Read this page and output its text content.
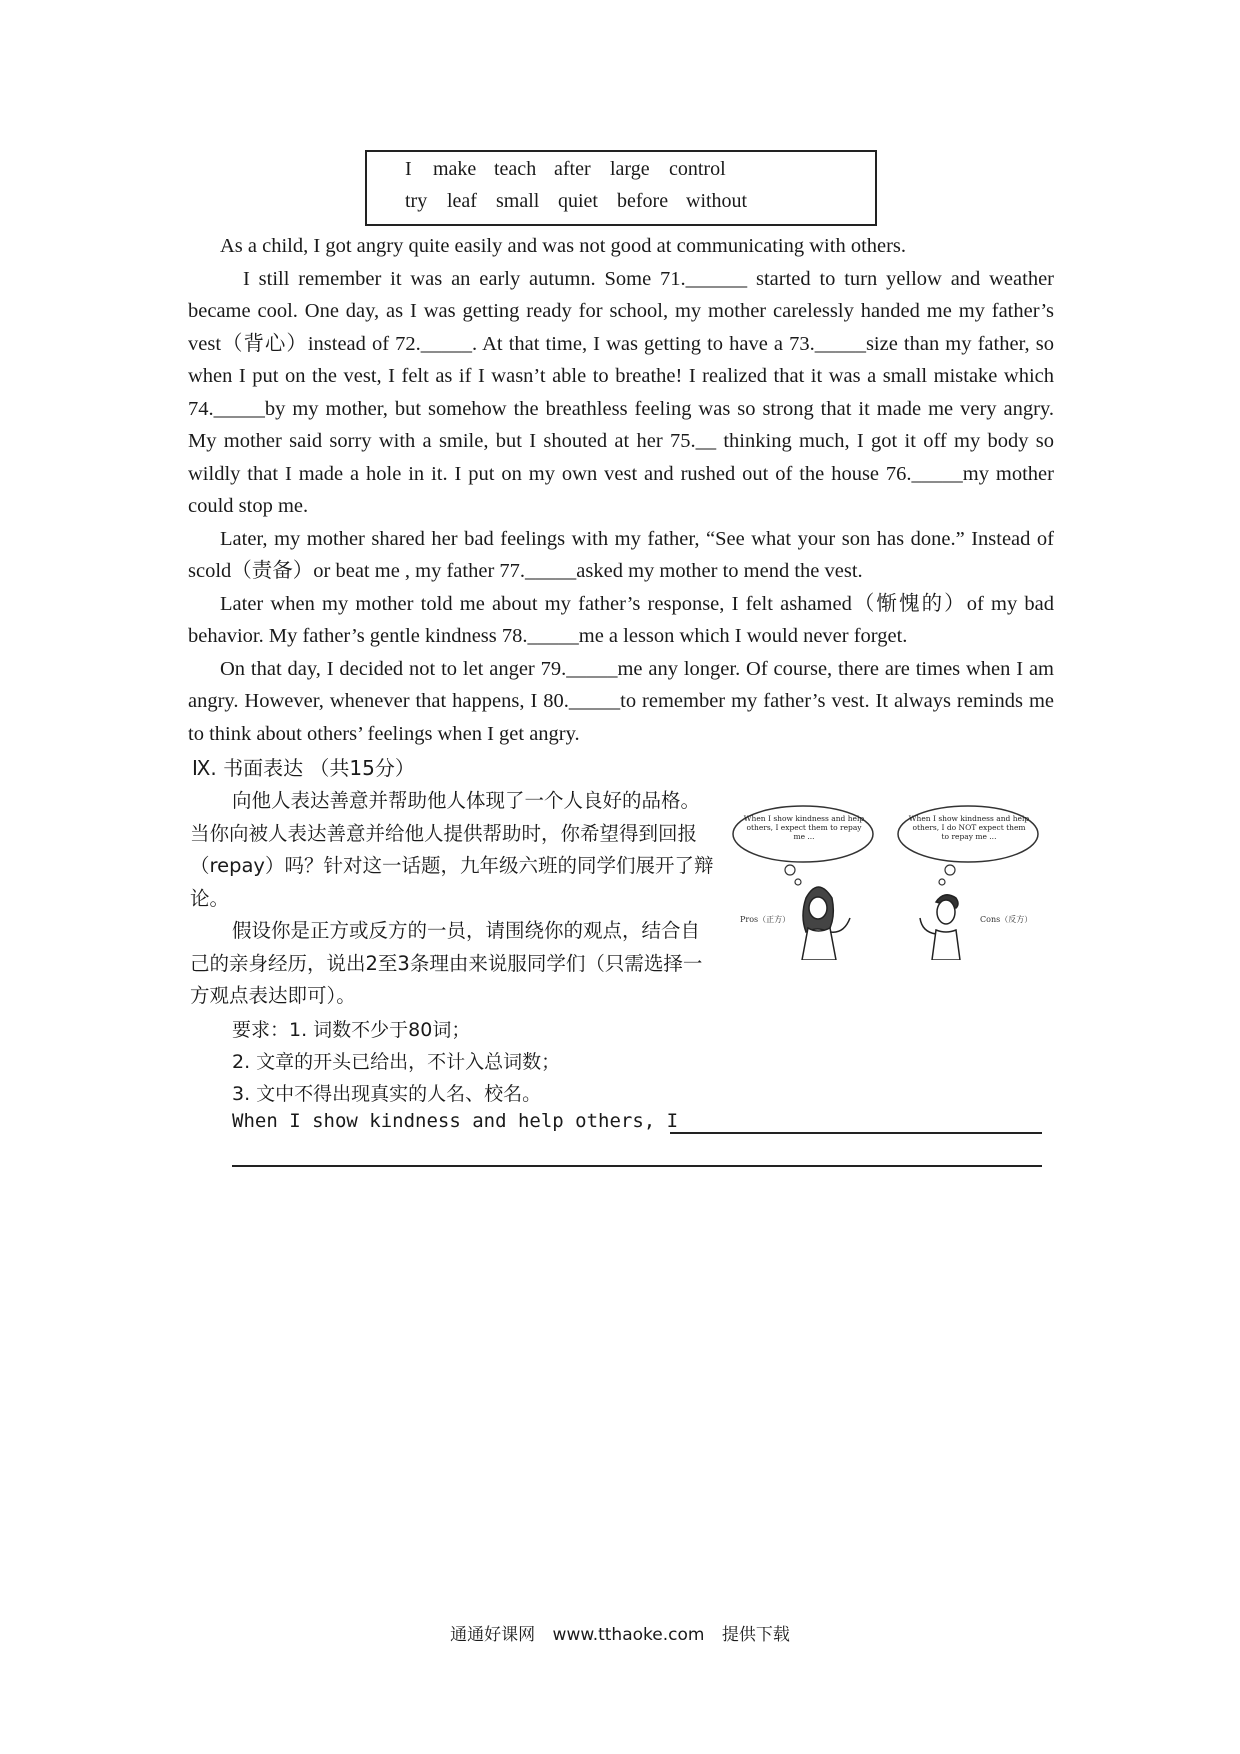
I make teach after large control
try leaf small quiet before without

As a child, I got angry quite easily and was not good at communicating with others.

I still remember it was an early autumn. Some 71.______ started to turn yellow and weather became cool. One day, as I was getting ready for school, my mother carelessly handed me my father’s vest（背心）instead of 72._____. At that time, I was getting to have a 73._____size than my father, so when I put on the vest, I felt as if I wasn’t able to breathe! I realized that it was a small mistake which 74._____by my mother, but somehow the breathless feeling was so strong that it made me very angry. My mother said sorry with a smile, but I shouted at her 75.__ thinking much, I got it off my body so wildly that I made a hole in it. I put on my own vest and rushed out of the house 76._____my mother could stop me.

Later, my mother shared her bad feelings with my father, “See what your son has done.” Instead of scold（责备）or beat me , my father 77._____asked my mother to mend the vest.

Later when my mother told me about my father’s response, I felt ashamed（惭愧的）of my bad behavior. My father’s gentle kindness 78._____me a lesson which I would never forget.

On that day, I decided not to let anger 79._____me any longer. Of course, there are times when I am angry. However, whenever that happens, I 80._____to remember my father’s vest. It always reminds me to think about others’ feelings when I get angry.

Ⅸ. 书面表达 （共15分）

向他人表达善意并帮助他人体现了一个人良好的品格。当你向被人表达善意并给他人提供帮助时，你希望得到回报（repay）吗？针对这一话题，九年级六班的同学们展开了辩论。

假设你是正方或反方的一员，请围绕你的观点，结合自己的亲身经历，说出2至3条理由来说服同学们（只需选择一方观点表达即可）。

要求：1. 词数不少于80词；
2. 文章的开头已给出，不计入总词数；
3. 文中不得出现真实的人名、校名。
When I show kindness and help others, I
When I show kindness and help others, I expect them to repay me ...
When I show kindness and help others, I do NOT expect them to repay me ...
Pros（正方）	Cons（反方）
通通好课网 www.tthaoke.com 提供下载
